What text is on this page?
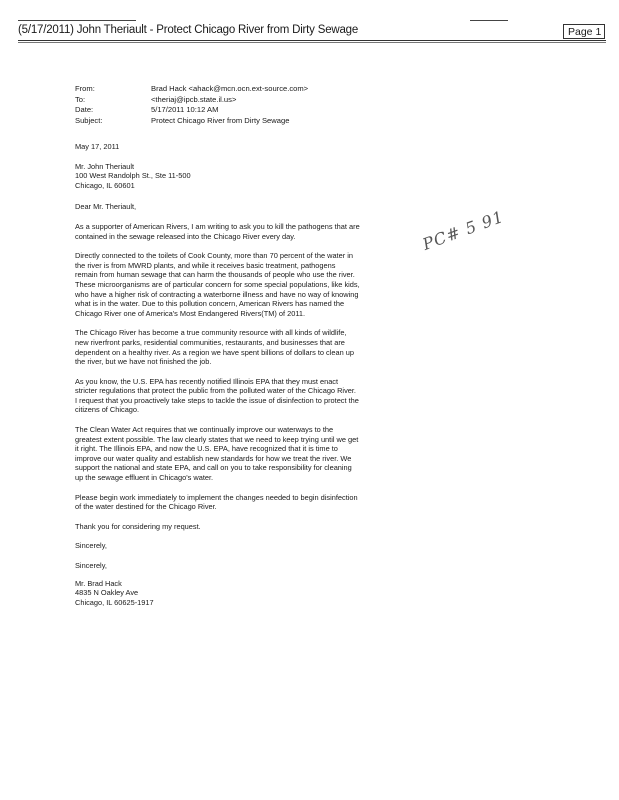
(5/17/2011) John Theriault - Protect Chicago River from Dirty Sewage	Page 1
From:	Brad Hack <ahack@mcn.ocn.ext-source.com>
To:	<theriaj@ipcb.state.il.us>
Date:	5/17/2011 10:12 AM
Subject:	Protect Chicago River from Dirty Sewage

May 17, 2011

Mr. John Theriault
100 West Randolph St., Ste 11-500
Chicago, IL 60601

Dear Mr. Theriault,

As a supporter of American Rivers, I am writing to ask you to kill the pathogens that are contained in the sewage released into the Chicago River every day.

Directly connected to the toilets of Cook County, more than 70 percent of the water in the river is from MWRD plants, and while it receives basic treatment, pathogens remain from human sewage that can harm the thousands of people who use the river. These microorganisms are of particular concern for some special populations, like kids, who have a higher risk of contracting a waterborne illness and have no way of knowing what is in the water. Due to this pollution concern, American Rivers has named the Chicago River one of America's Most Endangered Rivers(TM) of 2011.

The Chicago River has become a true community resource with all kinds of wildlife, new riverfront parks, residential communities, restaurants, and businesses that are dependent on a healthy river. As a region we have spent billions of dollars to clean up the river, but we have not finished the job.

As you know, the U.S. EPA has recently notified Illinois EPA that they must enact stricter regulations that protect the public from the polluted water of the Chicago River. I request that you proactively take steps to tackle the issue of disinfection to protect the citizens of Chicago.

The Clean Water Act requires that we continually improve our waterways to the greatest extent possible. The law clearly states that we need to keep trying until we get it right. The Illinois EPA, and now the U.S. EPA, have recognized that it is time to improve our water quality and establish new standards for how we treat the river. We support the national and state EPA, and call on you to take responsibility for cleaning up the sewage effluent in Chicago's water.

Please begin work immediately to implement the changes needed to begin disinfection of the water destined for the Chicago River.

Thank you for considering my request.

Sincerely,

Sincerely,

Mr. Brad Hack
4835 N Oakley Ave
Chicago, IL 60625-1917
PC# 5 91
